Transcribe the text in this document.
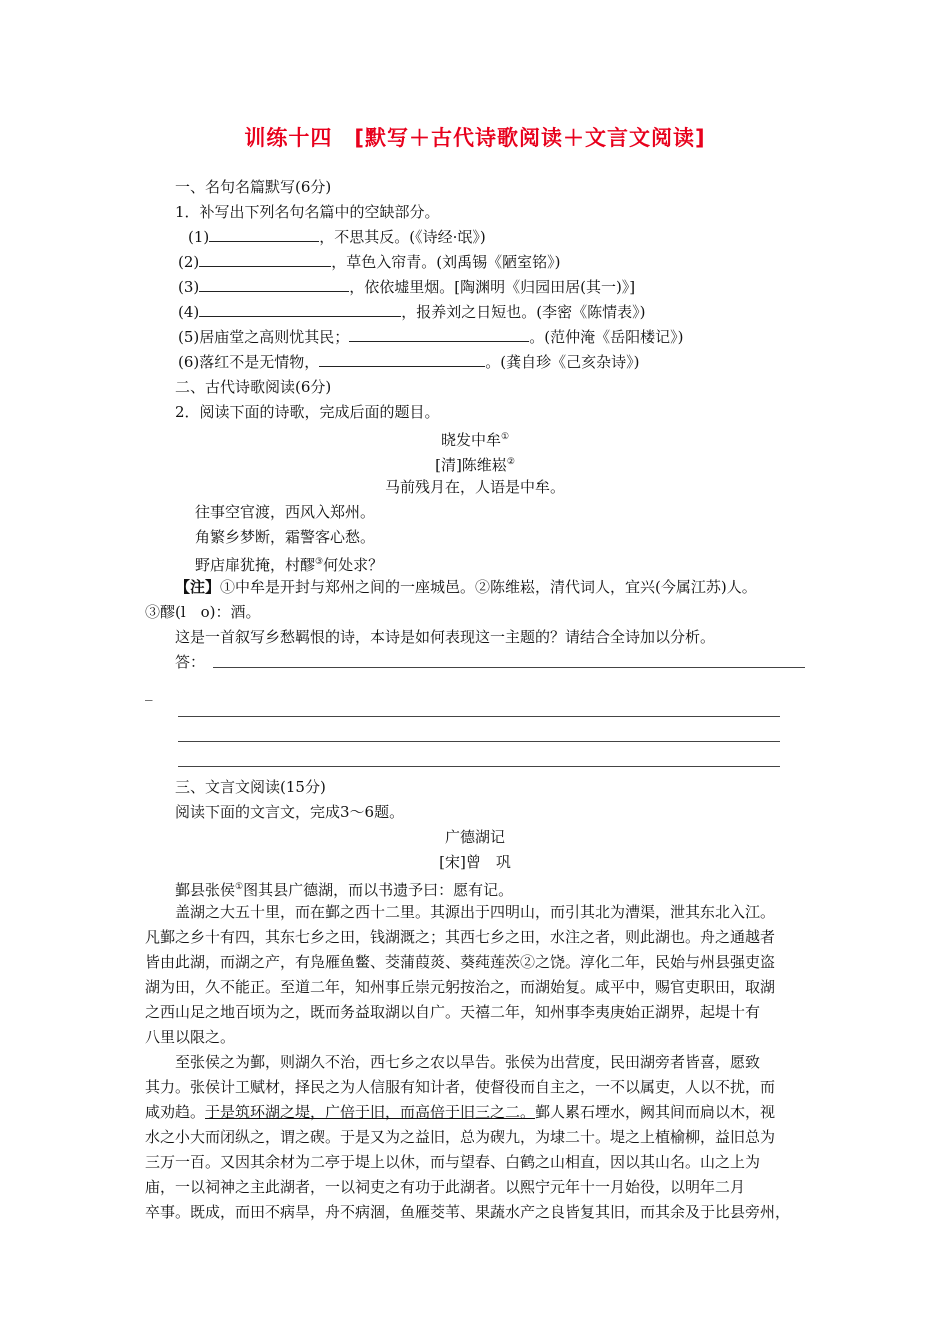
训练十四　[默写＋古代诗歌阅读＋文言文阅读]
一、名句名篇默写(6分)
1．补写出下列名句名篇中的空缺部分。
(1)	，不思其反。(《诗经·氓》)
(2)	，草色入帘青。(刘禹锡《陋室铭》)
(3)	，依依墟里烟。[陶渊明《归园田居(其一)》]
(4)	，报养刘之日短也。(李密《陈情表》)
(5)居庙堂之高则忧其民；	。(范仲淹《岳阳楼记》)
(6)落红不是无情物，	。(龚自珍《己亥杂诗》)
二、古代诗歌阅读(6分)
2．阅读下面的诗歌，完成后面的题目。
晓发中牟①
[清]陈维崧②
马前残月在，人语是中牟。
往事空官渡，西风入郑州。
角繁乡梦断，霜警客心愁。
野店扉犹掩，村醪③何处求？
【注】①中牟是开封与郑州之间的一座城邑。②陈维崧，清代词人，宜兴(今属江苏)人。
③醪(l　o)：酒。
这是一首叙写乡愁羁恨的诗，本诗是如何表现这一主题的？请结合全诗加以分析。
答：
_
三、文言文阅读(15分)
阅读下面的文言文，完成3～6题。
广德湖记
[宋]曾　巩
鄞县张侯①图其县广德湖，而以书遗予曰：愿有记。
盖湖之大五十里，而在鄞之西十二里。其源出于四明山，而引其北为漕渠，泄其东北入江。
凡鄞之乡十有四，其东七乡之田，钱湖溉之；其西七乡之田，水注之者，则此湖也。舟之通越者
皆由此湖，而湖之产，有凫雁鱼鳖、茭蒲葭菼、葵莼莲茨②之饶。淳化二年，民始与州县强吏盗
湖为田，久不能正。至道二年，知州事丘崇元躬按治之，而湖始复。咸平中，赐官吏职田，取湖
之西山足之地百顷为之，既而务益取湖以自广。天禧二年，知州事李夷庚始正湖界，起堤十有
八里以限之。
至张侯之为鄞，则湖久不治，西七乡之农以旱告。张侯为出营度，民田湖旁者皆喜，愿致
其力。张侯计工赋材，择民之为人信服有知计者，使督役而自主之，一不以属吏，人以不扰，而
咸劝趋。于是筑环湖之堤，广倍于旧，而高倍于旧三之二。鄞人累石堙水，阙其间而扃以木，视
水之小大而闭纵之，谓之碶。于是又为之益旧，总为碶九，为埭二十。堤之上植榆柳，益旧总为
三万一百。又因其余材为二亭于堤上以休，而与望春、白鹤之山相直，因以其山名。山之上为
庙，一以祠神之主此湖者，一以祠吏之有功于此湖者。以熙宁元年十一月始役，以明年二月
卒事。既成，而田不病旱，舟不病涸，鱼雁茭苇、果蔬水产之良皆复其旧，而其余及于比县旁州，
